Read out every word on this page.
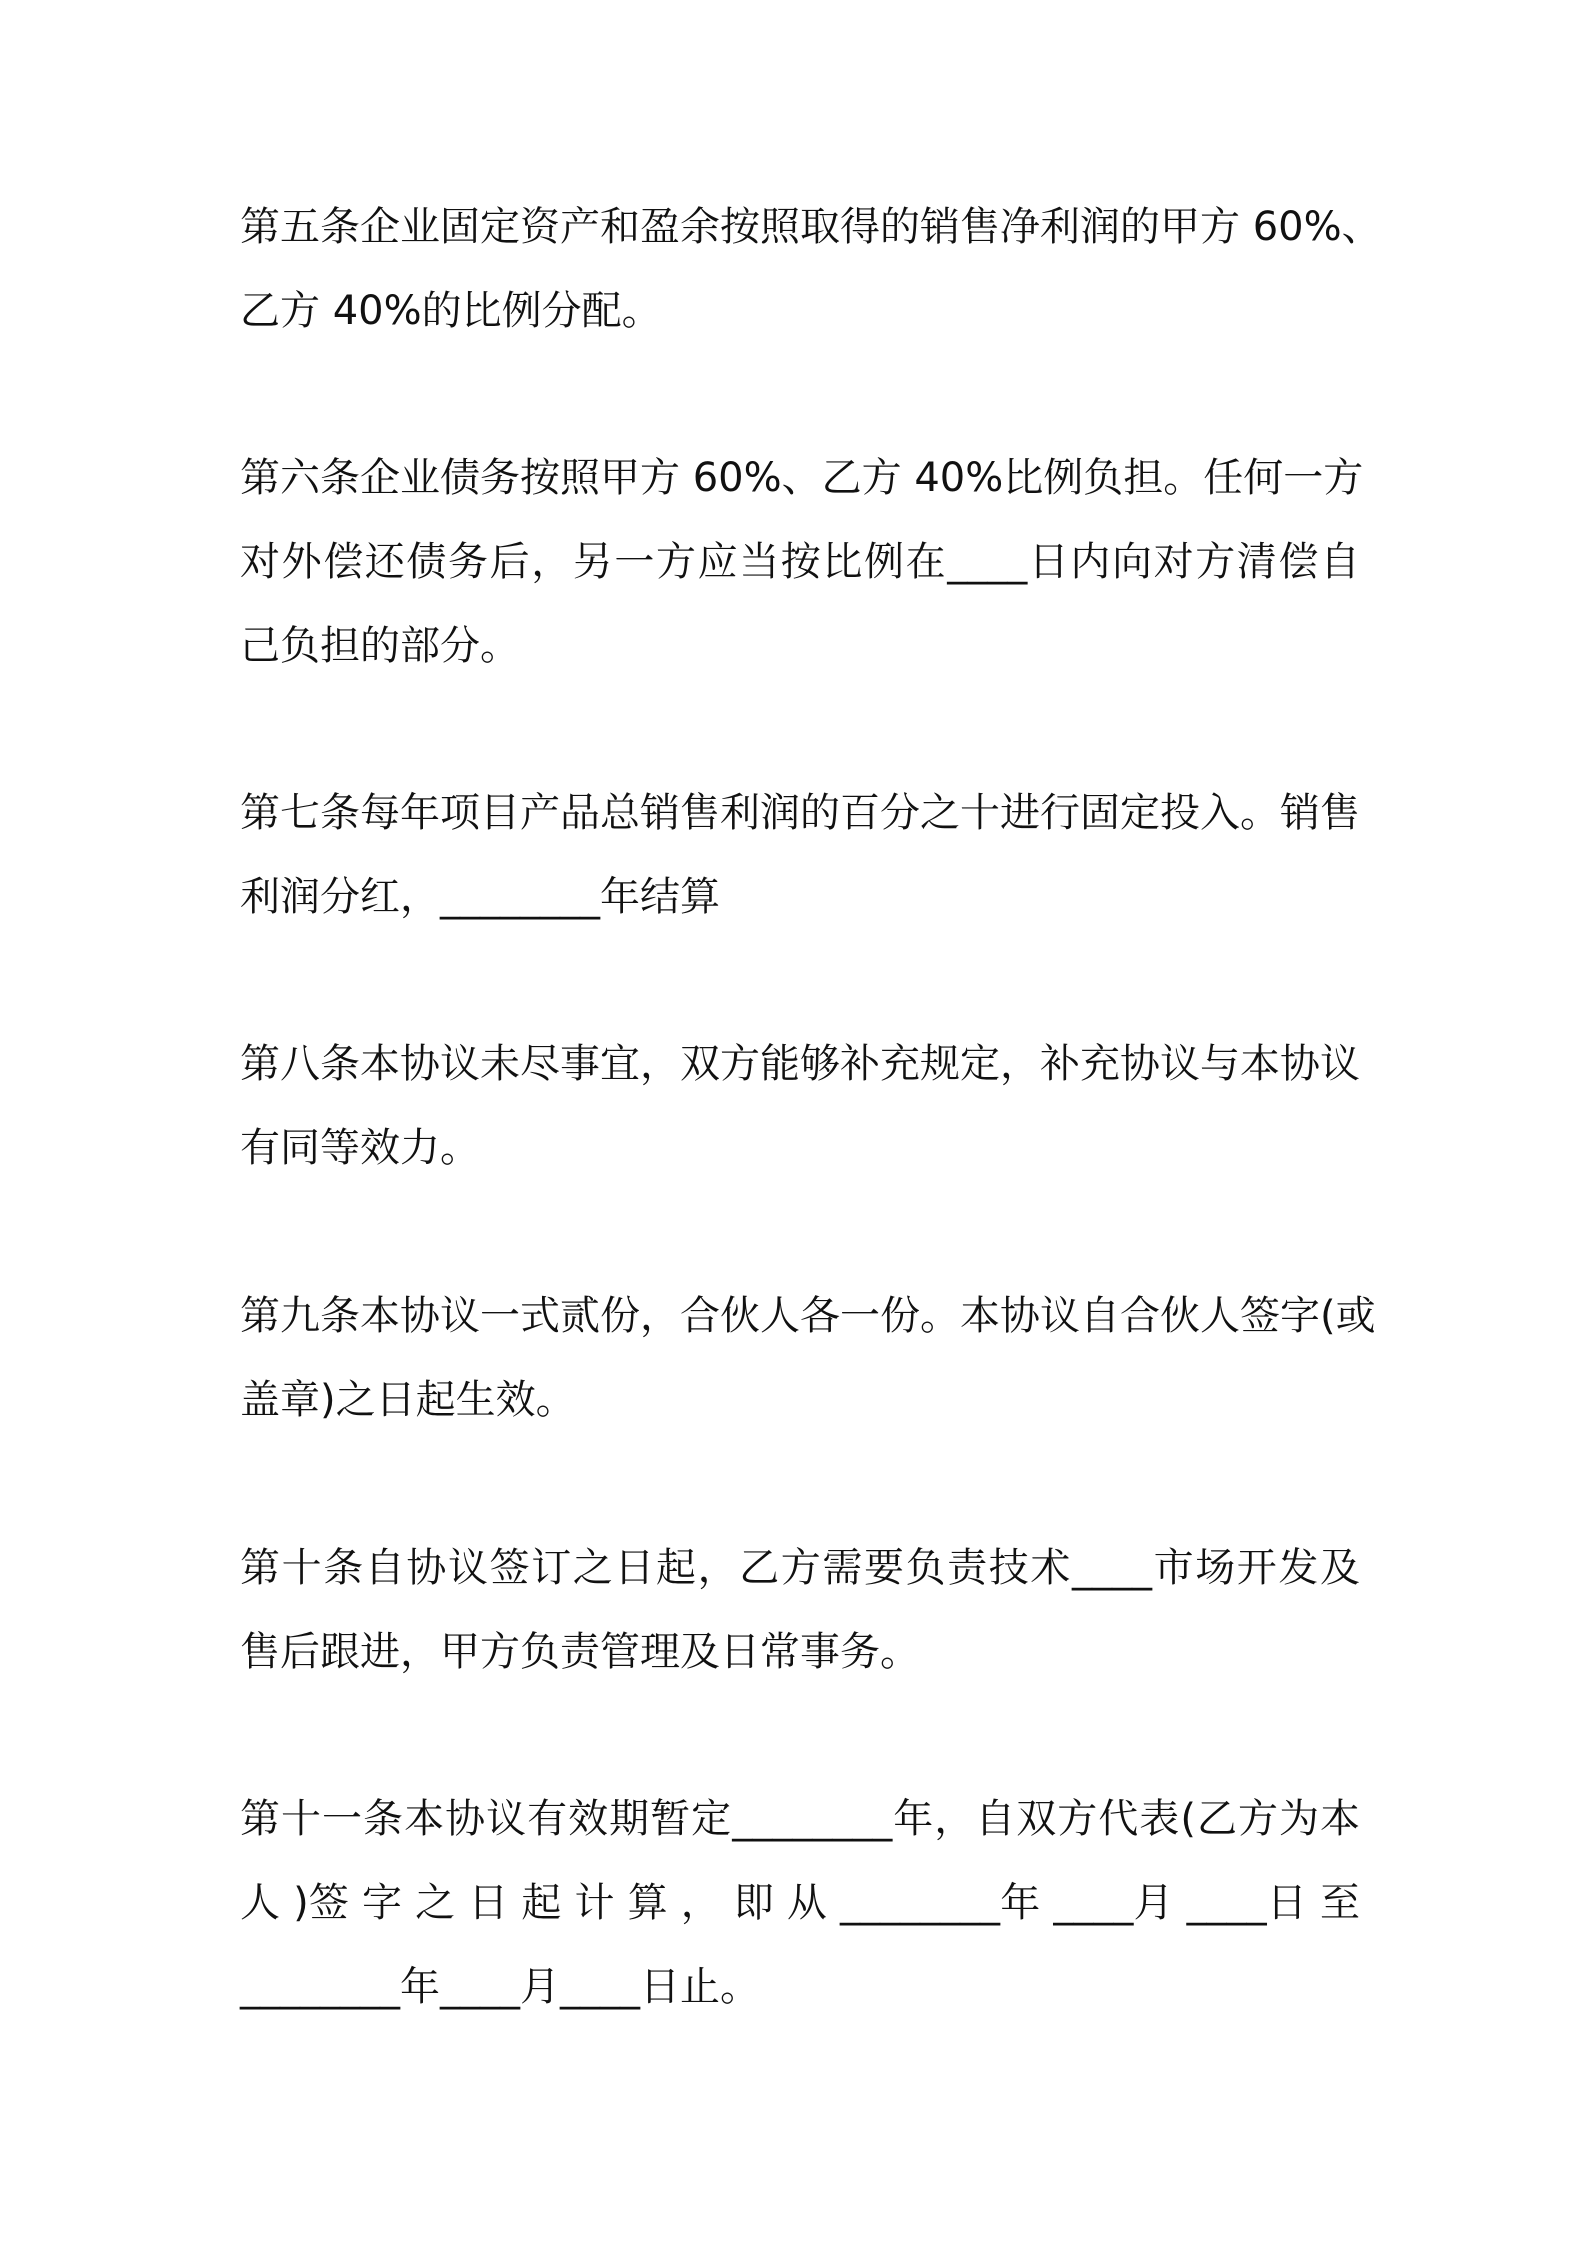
第五条企业固定资产和盈余按照取得的销售净利润的甲方 60%、
乙方 40%的比例分配。

第六条企业债务按照甲方 60%、乙方 40%比例负担。任何一方
对外偿还债务后，另一方应当按比例在____日内向对方清偿自
己负担的部分。

第七条每年项目产品总销售利润的百分之十进行固定投入。销售
利润分红，________年结算

第八条本协议未尽事宜，双方能够补充规定，补充协议与本协议
有同等效力。

第九条本协议一式贰份，合伙人各一份。本协议自合伙人签字(或
盖章)之日起生效。

第十条自协议签订之日起，乙方需要负责技术____市场开发及
售后跟进，甲方负责管理及日常事务。

第十一条本协议有效期暂定________年，自双方代表(乙方为本
人 )签 字 之 日 起 计 算 ， 即 从 ________年 ____月 ____日 至
________年____月____日止。
